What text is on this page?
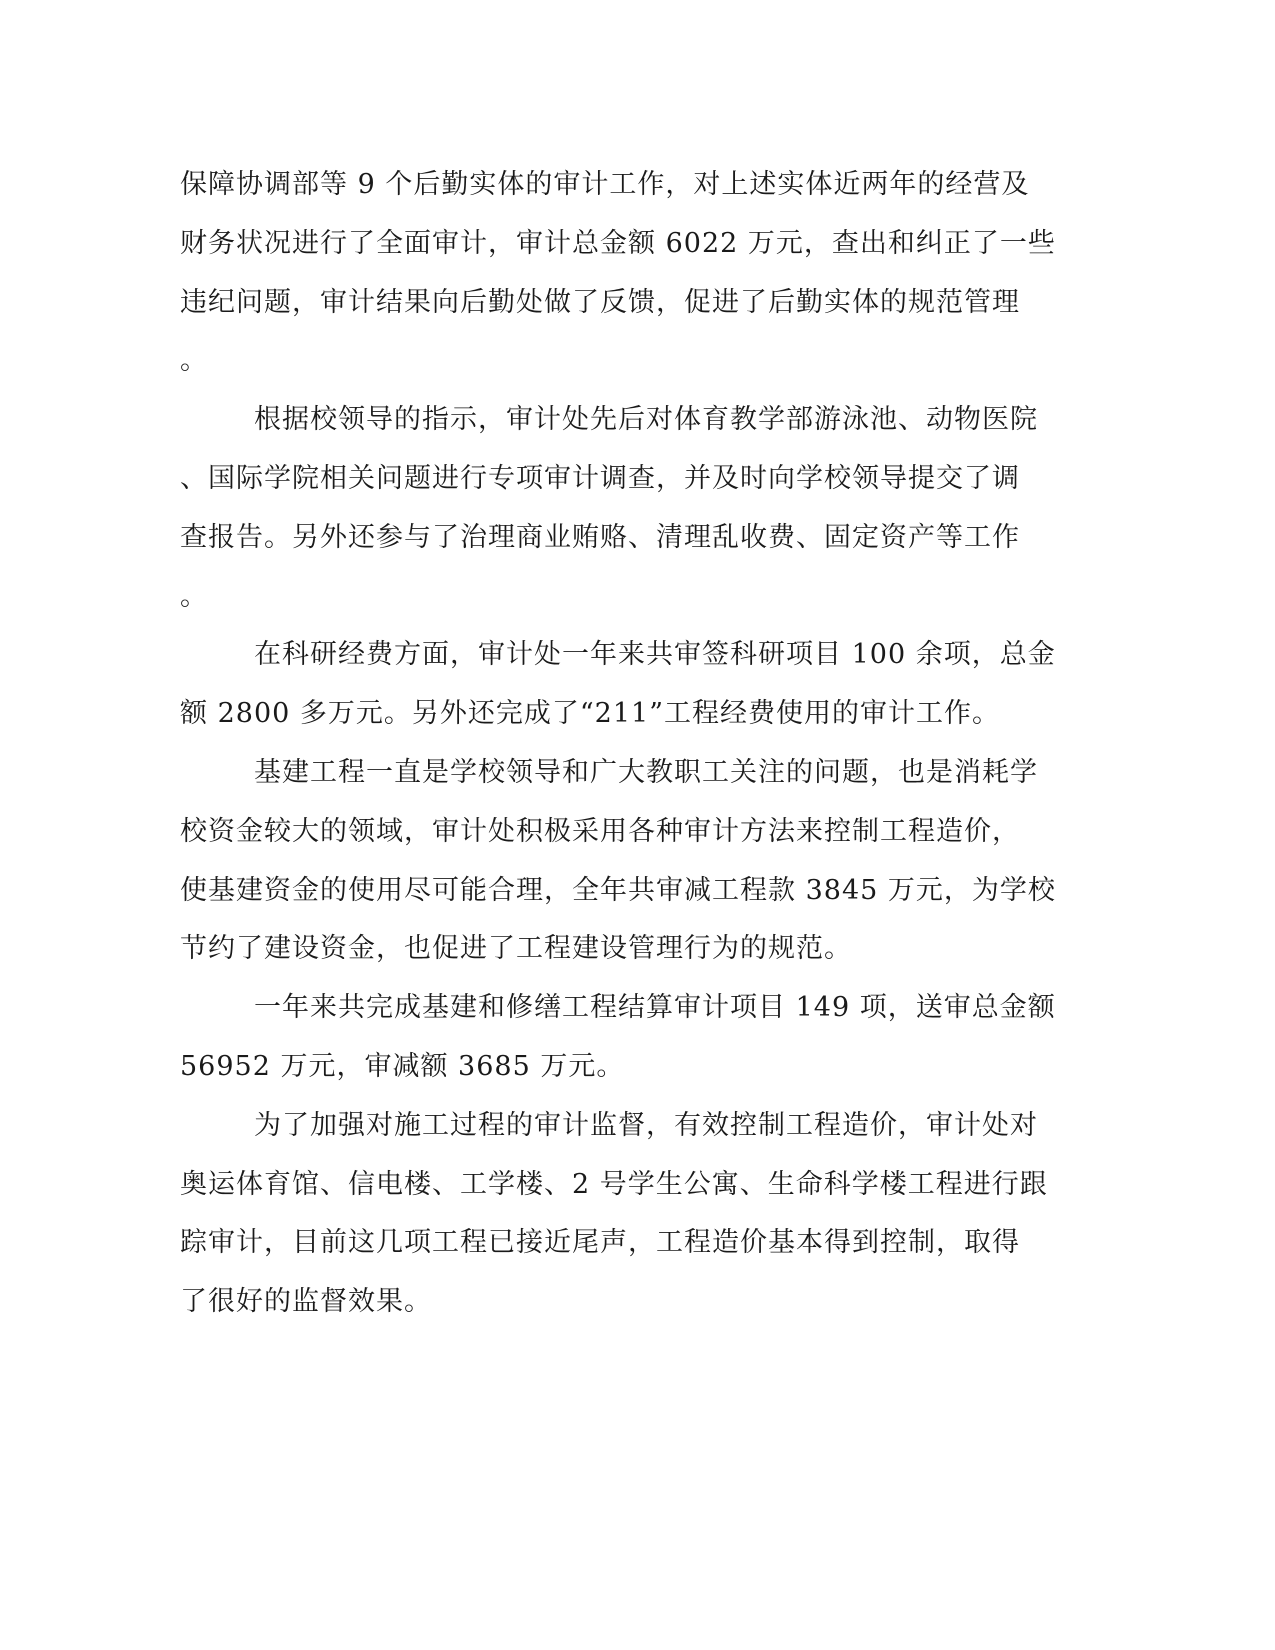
保障协调部等 9 个后勤实体的审计工作，对上述实体近两年的经营及
财务状况进行了全面审计，审计总金额 6022 万元，查出和纠正了一些
违纪问题，审计结果向后勤处做了反馈，促进了后勤实体的规范管理
。
根据校领导的指示，审计处先后对体育教学部游泳池、动物医院
、国际学院相关问题进行专项审计调查，并及时向学校领导提交了调
查报告。另外还参与了治理商业贿赂、清理乱收费、固定资产等工作
。
在科研经费方面，审计处一年来共审签科研项目 100 余项，总金
额 2800 多万元。另外还完成了“211”工程经费使用的审计工作。
基建工程一直是学校领导和广大教职工关注的问题，也是消耗学
校资金较大的领域，审计处积极采用各种审计方法来控制工程造价，
使基建资金的使用尽可能合理，全年共审减工程款 3845 万元，为学校
节约了建设资金，也促进了工程建设管理行为的规范。
一年来共完成基建和修缮工程结算审计项目 149 项，送审总金额
56952 万元，审减额 3685 万元。
为了加强对施工过程的审计监督，有效控制工程造价，审计处对
奥运体育馆、信电楼、工学楼、2 号学生公寓、生命科学楼工程进行跟
踪审计，目前这几项工程已接近尾声，工程造价基本得到控制，取得
了很好的监督效果。
